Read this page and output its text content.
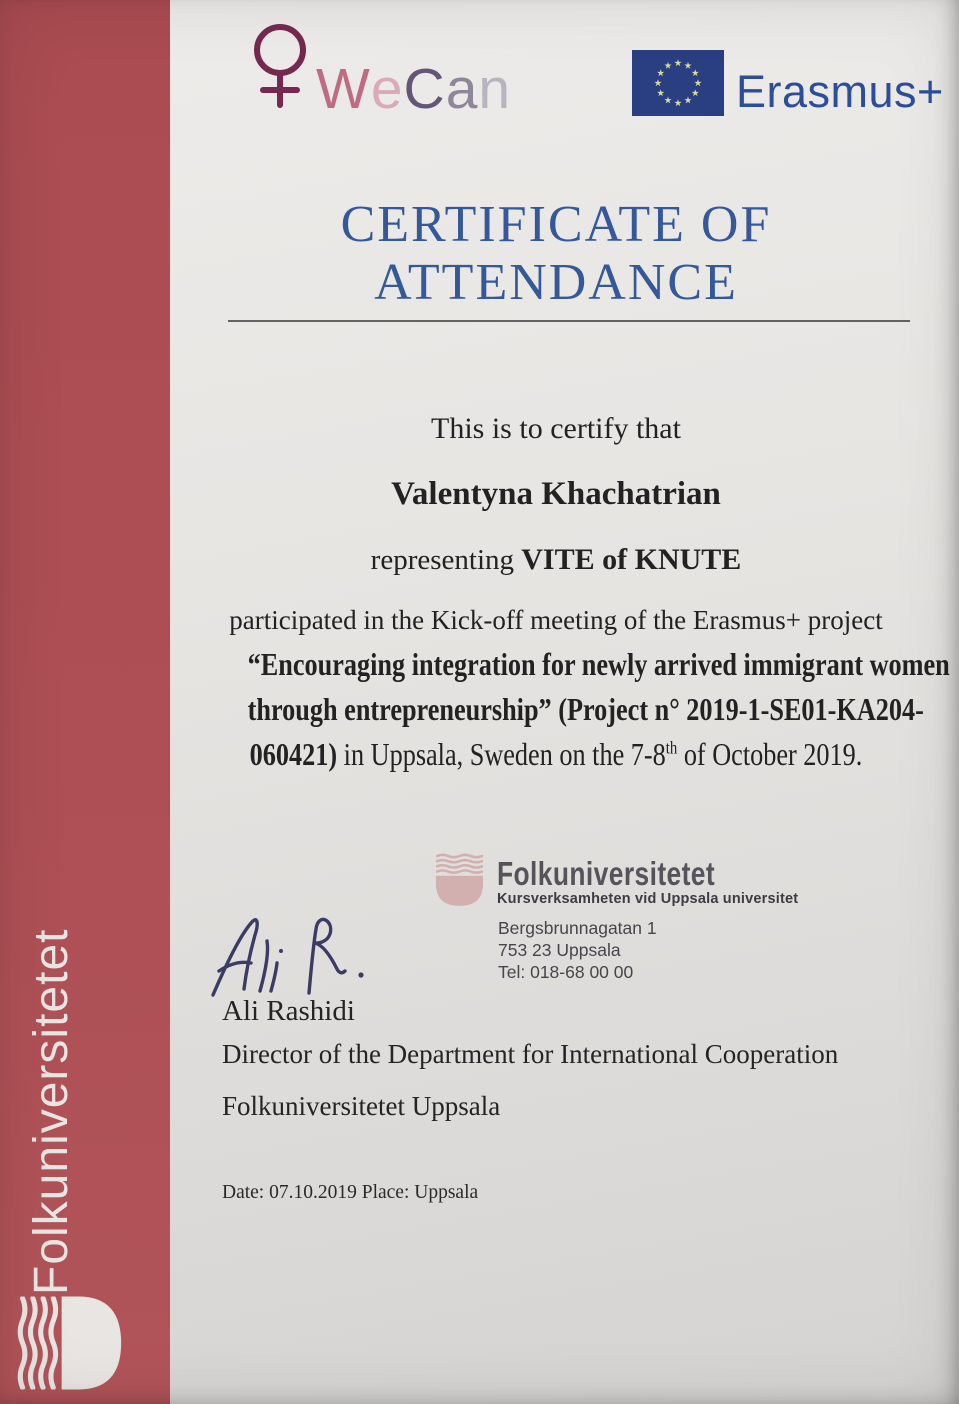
Folkuniversitetet
W e C a n	Erasmus+
CERTIFICATE OF
ATTENDANCE
This is to certify that
Valentyna Khachatrian
representing VITE of KNUTE
participated in the Kick-off meeting of the Erasmus+ project
“Encouraging integration for newly arrived immigrant women
through entrepreneurship” (Project n° 2019-1-SE01-KA204-
060421) in Uppsala, Sweden on the 7-8th of October 2019.
Folkuniversitetet
Kursverksamheten vid Uppsala universitet
Bergsbrunnagatan 1
753 23 Uppsala
Tel: 018-68 00 00
Ali Rashidi
Director of the Department for International Cooperation
Folkuniversitetet Uppsala
Date: 07.10.2019 Place: Uppsala
